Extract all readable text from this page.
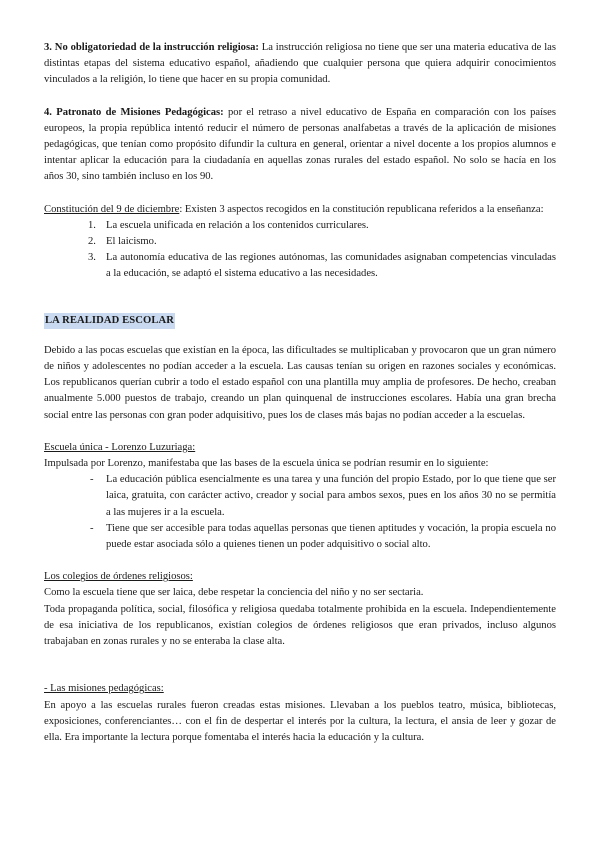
3. No obligatoriedad de la instrucción religiosa: La instrucción religiosa no tiene que ser una materia educativa de las distintas etapas del sistema educativo español, añadiendo que cualquier persona que quiera adquirir conocimientos vinculados a la religión, lo tiene que hacer en su propia comunidad.

4. Patronato de Misiones Pedagógicas: por el retraso a nivel educativo de España en comparación con los países europeos, la propia república intentó reducir el número de personas analfabetas a través de la aplicación de misiones pedagógicas, que tenían como propósito difundir la cultura en general, orientar a nivel docente a los propios alumnos e intentar aplicar la educación para la ciudadanía en aquellas zonas rurales del estado español. No solo se hacía en los años 30, sino también incluso en los 90.

Constitución del 9 de diciembre: Existen 3 aspectos recogidos en la constitución republicana referidos a la enseñanza:

1. La escuela unificada en relación a los contenidos curriculares.
2. El laicismo.
3. La autonomía educativa de las regiones autónomas, las comunidades asignaban competencias vinculadas a la educación, se adaptó el sistema educativo a las necesidades.

LA REALIDAD ESCOLAR

Debido a las pocas escuelas que existían en la época, las dificultades se multiplicaban y provocaron que un gran número de niños y adolescentes no podían acceder a la escuela. Las causas tenían su origen en razones sociales y económicas. Los republicanos querían cubrir a todo el estado español con una plantilla muy amplia de profesores. De hecho, creaban anualmente 5.000 puestos de trabajo, creando un plan quinquenal de instrucciones escolares. Había una gran brecha social entre las personas con gran poder adquisitivo, pues los de clases más bajas no podían acceder a la escuelas.

Escuela única - Lorenzo Luzuriaga:

Impulsada por Lorenzo, manifestaba que las bases de la escuela única se podrían resumir en lo siguiente:

- La educación pública esencialmente es una tarea y una función del propio Estado, por lo que tiene que ser laica, gratuita, con carácter activo, creador y social para ambos sexos, pues en los años 30 no se permitía a las mujeres ir a la escuela.
- Tiene que ser accesible para todas aquellas personas que tienen aptitudes y vocación, la propia escuela no puede estar asociada sólo a quienes tienen un poder adquisitivo o social alto.

Los colegios de órdenes religiosos:

Como la escuela tiene que ser laica, debe respetar la conciencia del niño y no ser sectaria.

Toda propaganda política, social, filosófica y religiosa quedaba totalmente prohibida en la escuela. Independientemente de esa iniciativa de los republicanos, existían colegios de órdenes religiosos que eran privados, incluso algunos trabajaban en zonas rurales y no se enteraba la clase alta.

- Las misiones pedagógicas:

En apoyo a las escuelas rurales fueron creadas estas misiones. Llevaban a los pueblos teatro, música, bibliotecas, exposiciones, conferenciantes… con el fin de despertar el interés por la cultura, la lectura, el ansia de leer y gozar de ella. Era importante la lectura porque fomentaba el interés hacia la educación y la cultura.
